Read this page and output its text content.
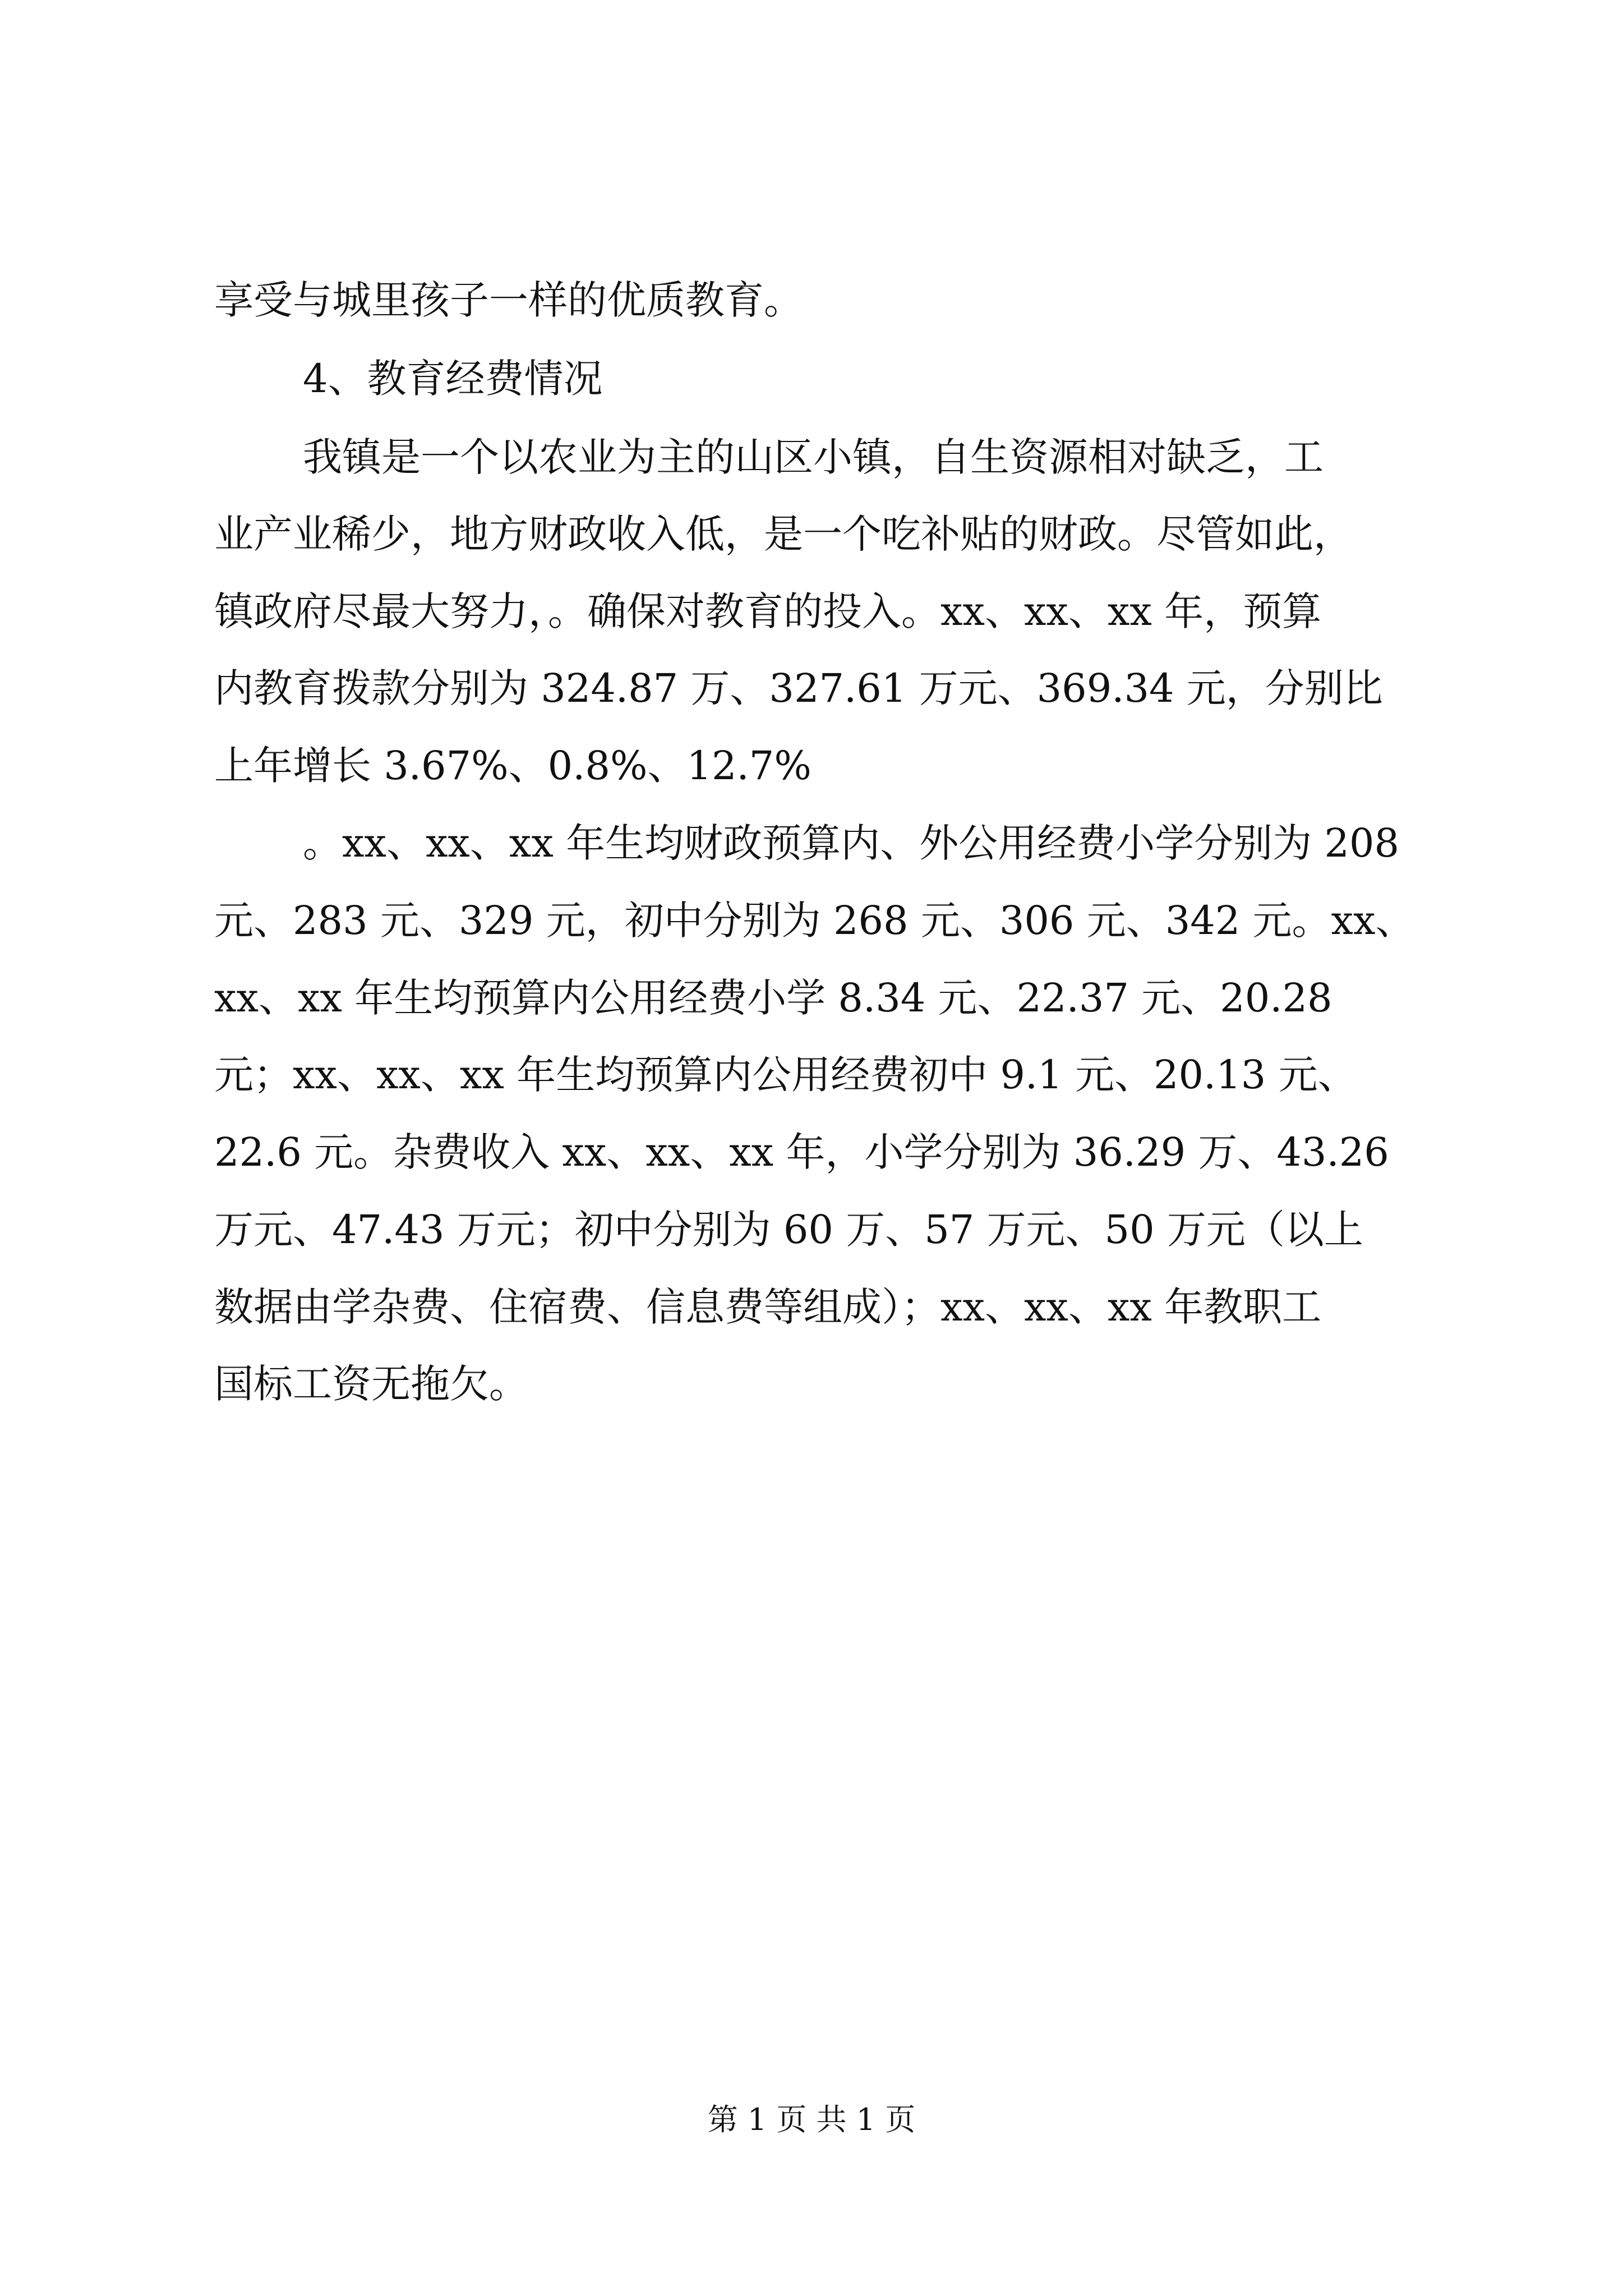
享受与城里孩子一样的优质教育。

4、教育经费情况

我镇是一个以农业为主的山区小镇，自生资源相对缺乏，工

业产业稀少，地方财政收入低，是一个吃补贴的财政。尽管如此，

镇政府尽最大努力，。确保对教育的投入。xx、xx、xx 年，预算

内教育拨款分别为 324.87 万、327.61 万元、369.34 元，分别比

上年增长 3.67%、0.8%、12.7%

。xx、xx、xx 年生均财政预算内、外公用经费小学分别为 208

元、283 元、329 元，初中分别为 268 元、306 元、342 元。xx、

xx、xx 年生均预算内公用经费小学 8.34 元、22.37 元、20.28

元；xx、xx、xx 年生均预算内公用经费初中 9.1 元、20.13 元、

22.6 元。杂费收入 xx、xx、xx 年，小学分别为 36.29 万、43.26

万元、47.43 万元；初中分别为 60 万、57 万元、50 万元（以上

数据由学杂费、住宿费、信息费等组成）；xx、xx、xx 年教职工

国标工资无拖欠。

第 1 页 共 1 页
